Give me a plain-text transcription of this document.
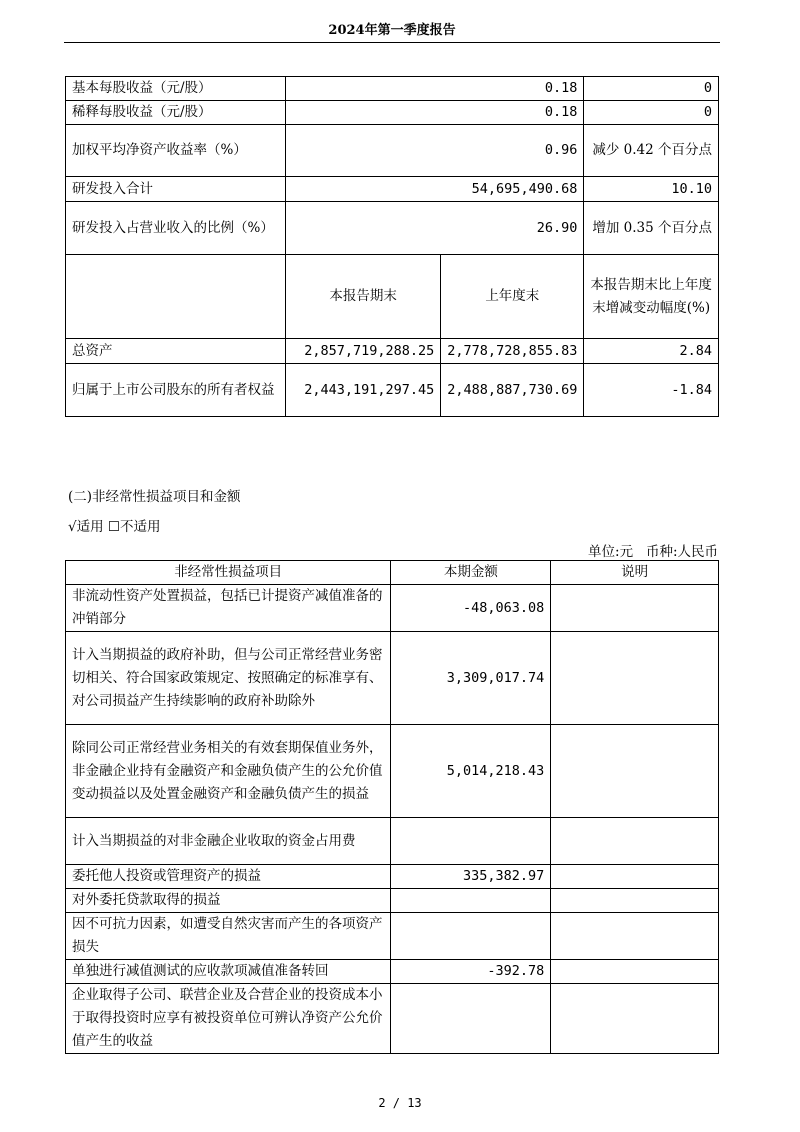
2024年第一季度报告
基本每股收益（元/股）	0.18		0
稀释每股收益（元/股）	0.18		0
加权平均净资产收益率（%）	0.96		减少 0.42 个百分点
研发投入合计	54,695,490.68		10.10
研发投入占营业收入的比例（%）	26.90		增加 0.35 个百分点
	本报告期末	上年度末	本报告期末比上年度末增减变动幅度(%)
总资产	2,857,719,288.25	2,778,728,855.83	2.84
归属于上市公司股东的所有者权益	2,443,191,297.45	2,488,887,730.69	-1.84
(二)非经常性损益项目和金额
√适用 ☐不适用
单位:元   币种:人民币
非经常性损益项目	本期金额	说明
非流动性资产处置损益，包括已计提资产减值准备的冲销部分	-48,063.08	
计入当期损益的政府补助，但与公司正常经营业务密切相关、符合国家政策规定、按照确定的标准享有、对公司损益产生持续影响的政府补助除外	3,309,017.74	
除同公司正常经营业务相关的有效套期保值业务外，非金融企业持有金融资产和金融负债产生的公允价值变动损益以及处置金融资产和金融负债产生的损益	5,014,218.43	
计入当期损益的对非金融企业收取的资金占用费		
委托他人投资或管理资产的损益	335,382.97	
对外委托贷款取得的损益		
因不可抗力因素，如遭受自然灾害而产生的各项资产损失		
单独进行减值测试的应收款项减值准备转回	-392.78	
企业取得子公司、联营企业及合营企业的投资成本小于取得投资时应享有被投资单位可辨认净资产公允价值产生的收益		
2 / 13
